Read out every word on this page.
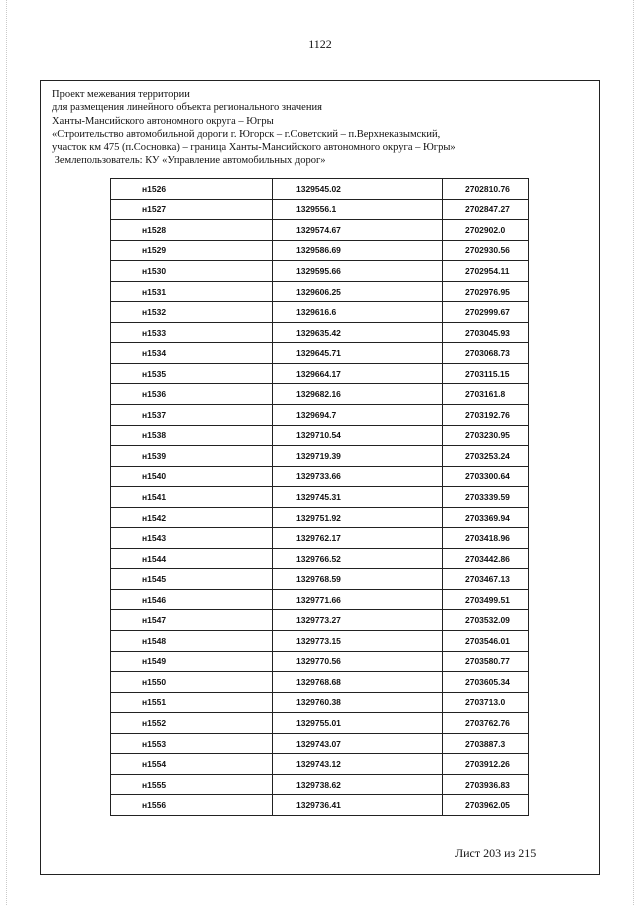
1122
Проект межевания территории
для размещения линейного объекта регионального значения
Ханты-Мансийского автономного округа – Югры
«Строительство автомобильной дороги г. Югорск – г.Советский – п.Верхнеказымский,
участок км 475 (п.Сосновка) – граница Ханты-Мансийского автономного округа – Югры»
Землепользователь: КУ «Управление автомобильных дорог»
н1526	1329545.02	2702810.76
н1527	1329556.1	2702847.27
н1528	1329574.67	2702902.0
н1529	1329586.69	2702930.56
н1530	1329595.66	2702954.11
н1531	1329606.25	2702976.95
н1532	1329616.6	2702999.67
н1533	1329635.42	2703045.93
н1534	1329645.71	2703068.73
н1535	1329664.17	2703115.15
н1536	1329682.16	2703161.8
н1537	1329694.7	2703192.76
н1538	1329710.54	2703230.95
н1539	1329719.39	2703253.24
н1540	1329733.66	2703300.64
н1541	1329745.31	2703339.59
н1542	1329751.92	2703369.94
н1543	1329762.17	2703418.96
н1544	1329766.52	2703442.86
н1545	1329768.59	2703467.13
н1546	1329771.66	2703499.51
н1547	1329773.27	2703532.09
н1548	1329773.15	2703546.01
н1549	1329770.56	2703580.77
н1550	1329768.68	2703605.34
н1551	1329760.38	2703713.0
н1552	1329755.01	2703762.76
н1553	1329743.07	2703887.3
н1554	1329743.12	2703912.26
н1555	1329738.62	2703936.83
н1556	1329736.41	2703962.05
Лист 203 из 215
